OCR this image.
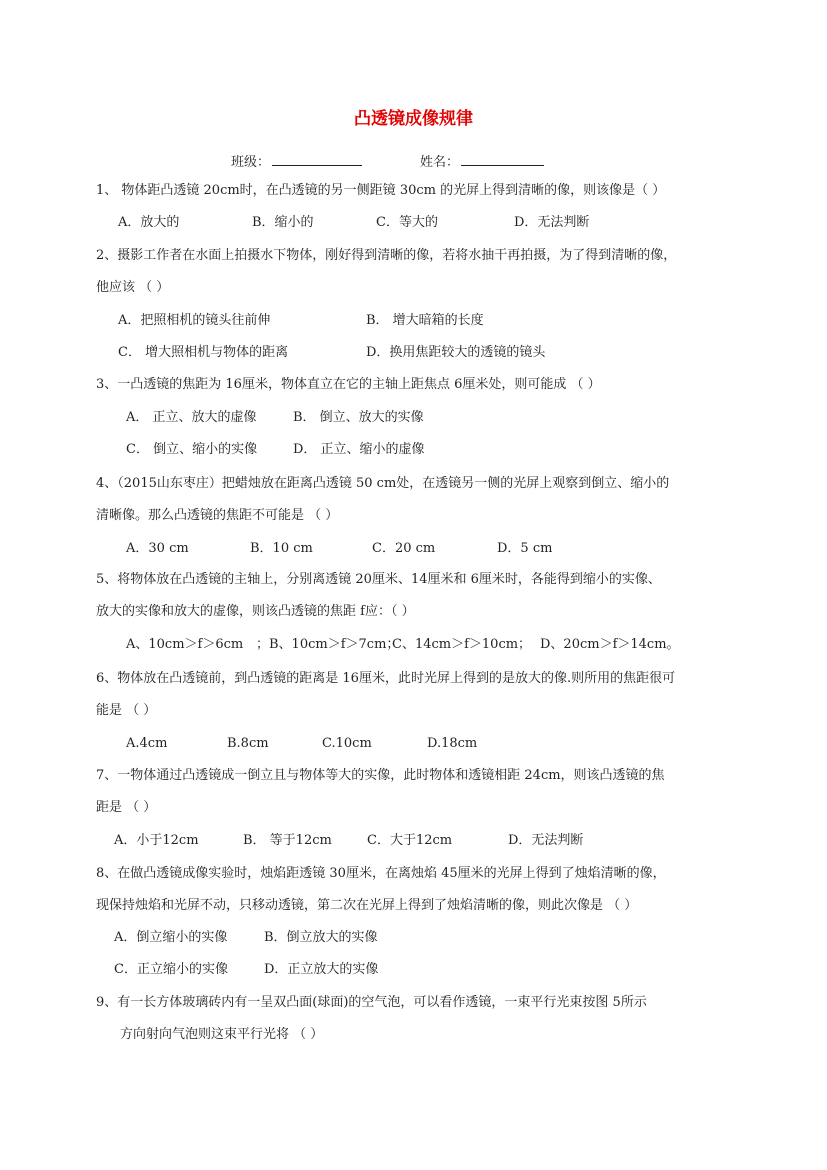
凸透镜成像规律
班级：	姓名：
1、 物体距凸透镜 20cm时，在凸透镜的另一侧距镜 30cm 的光屏上得到清晰的像，则该像是（ ）
A．放大的	B．缩小的	C．等大的	D．无法判断
2、摄影工作者在水面上拍摄水下物体，刚好得到清晰的像，若将水抽干再拍摄，为了得到清晰的像，
他应该 （ ）
A．把照相机的镜头往前伸	B． 增大暗箱的长度
C． 增大照相机与物体的距离	D．换用焦距较大的透镜的镜头
3、一凸透镜的焦距为 16厘米，物体直立在它的主轴上距焦点 6厘米处，则可能成 （ ）
A． 正立、放大的虚像	B． 倒立、放大的实像
C． 倒立、缩小的实像	D． 正立、缩小的虚像
4、（2015山东枣庄）把蜡烛放在距离凸透镜 50 cm处，在透镜另一侧的光屏上观察到倒立、缩小的
清晰像。那么凸透镜的焦距不可能是 （ ）
A．30 cm	B．10 cm	C．20 cm	D．5 cm
5、将物体放在凸透镜的主轴上，分别离透镜 20厘米、14厘米和 6厘米时，各能得到缩小的实像、
放大的实像和放大的虚像，则该凸透镜的焦距 f应：（ ）
A、10cm＞f＞6cm ；B、10cm＞f＞7cm；
C、14cm＞f＞10cm； D、20cm＞f＞14cm。
6、物体放在凸透镜前，到凸透镜的距离是 16厘米，此时光屏上得到的是放大的像.则所用的焦距很可
能是 （ ）
A.4cm	B.8cm	C.10cm	D.18cm
7、一物体通过凸透镜成一倒立且与物体等大的实像，此时物体和透镜相距 24cm，则该凸透镜的焦
距是 （ ）
A．小于12cm	B． 等于12cm	C．大于12cm	D．无法判断
8、在做凸透镜成像实验时，烛焰距透镜 30厘米，在离烛焰 45厘米的光屏上得到了烛焰清晰的像，
现保持烛焰和光屏不动，只移动透镜，第二次在光屏上得到了烛焰清晰的像，则此次像是 （ ）
A．倒立缩小的实像	B．倒立放大的实像
C．正立缩小的实像	D．正立放大的实像
9、有一长方体玻璃砖内有一呈双凸面(球面)的空气泡，可以看作透镜，一束平行光束按图 5所示
方向射向气泡则这束平行光将 （ ）
